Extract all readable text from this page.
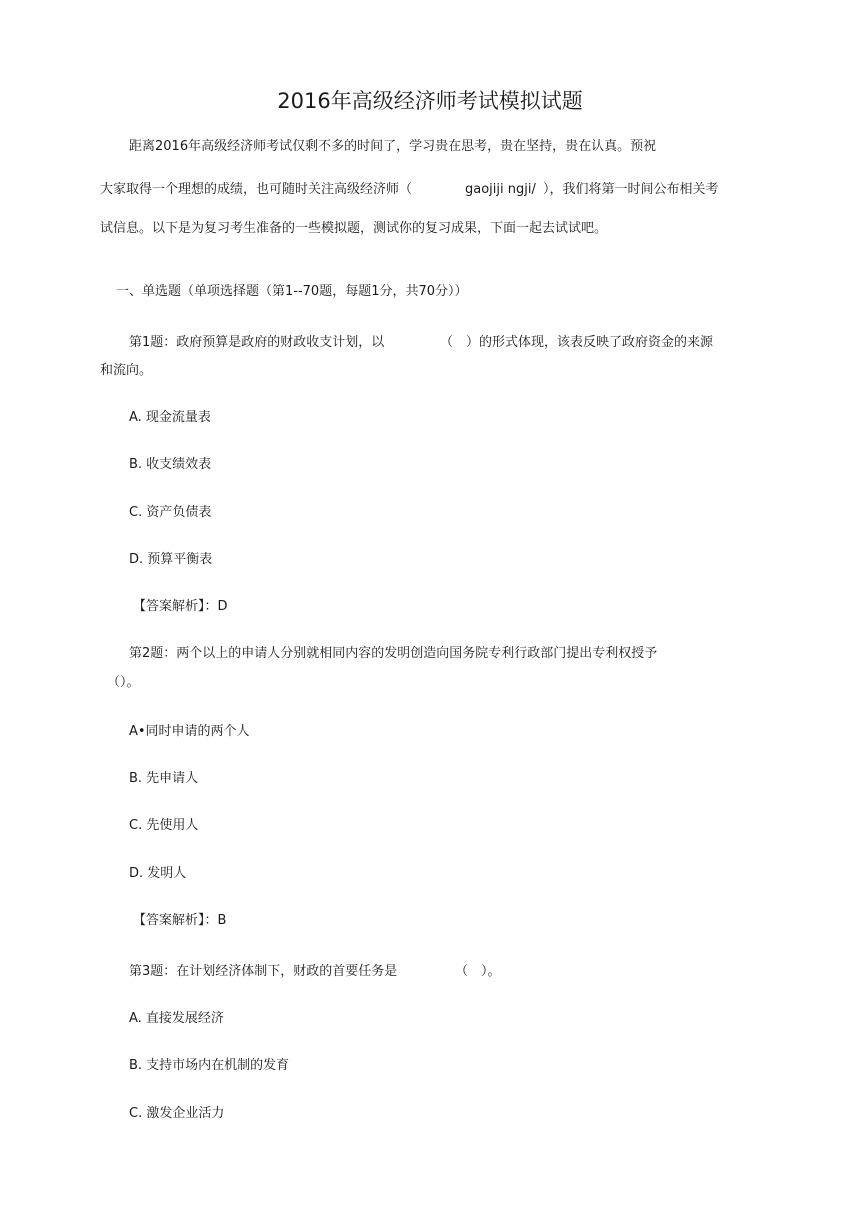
2016年高级经济师考试模拟试题
距离2016年高级经济师考试仅剩不多的时间了，学习贵在思考，贵在坚持，贵在认真。预祝
大家取得一个理想的成绩，也可随时关注高级经济师（	gaojiji ngji/ ），我们将第一时间公布相关考
试信息。以下是为复习考生准备的一些模拟题，测试你的复习成果，下面一起去试试吧。
一、单选题（单项选择题（第1--70题，每题1分，共70分））
第1题：政府预算是政府的财政收支计划，以	（　）的形式体现，该表反映了政府资金的来源
和流向。
A. 现金流量表
B. 收支绩效表
C. 资产负债表
D. 预算平衡表
【答案解析】：D
第2题：两个以上的申请人分别就相同内容的发明创造向国务院专利行政部门提出专利权授予
（）。
A•同时申请的两个人
B. 先申请人
C. 先使用人
D. 发明人
【答案解析】：B
第3题：在计划经济体制下，财政的首要任务是	（　）。
A. 直接发展经济
B. 支持市场内在机制的发育
C. 激发企业活力
